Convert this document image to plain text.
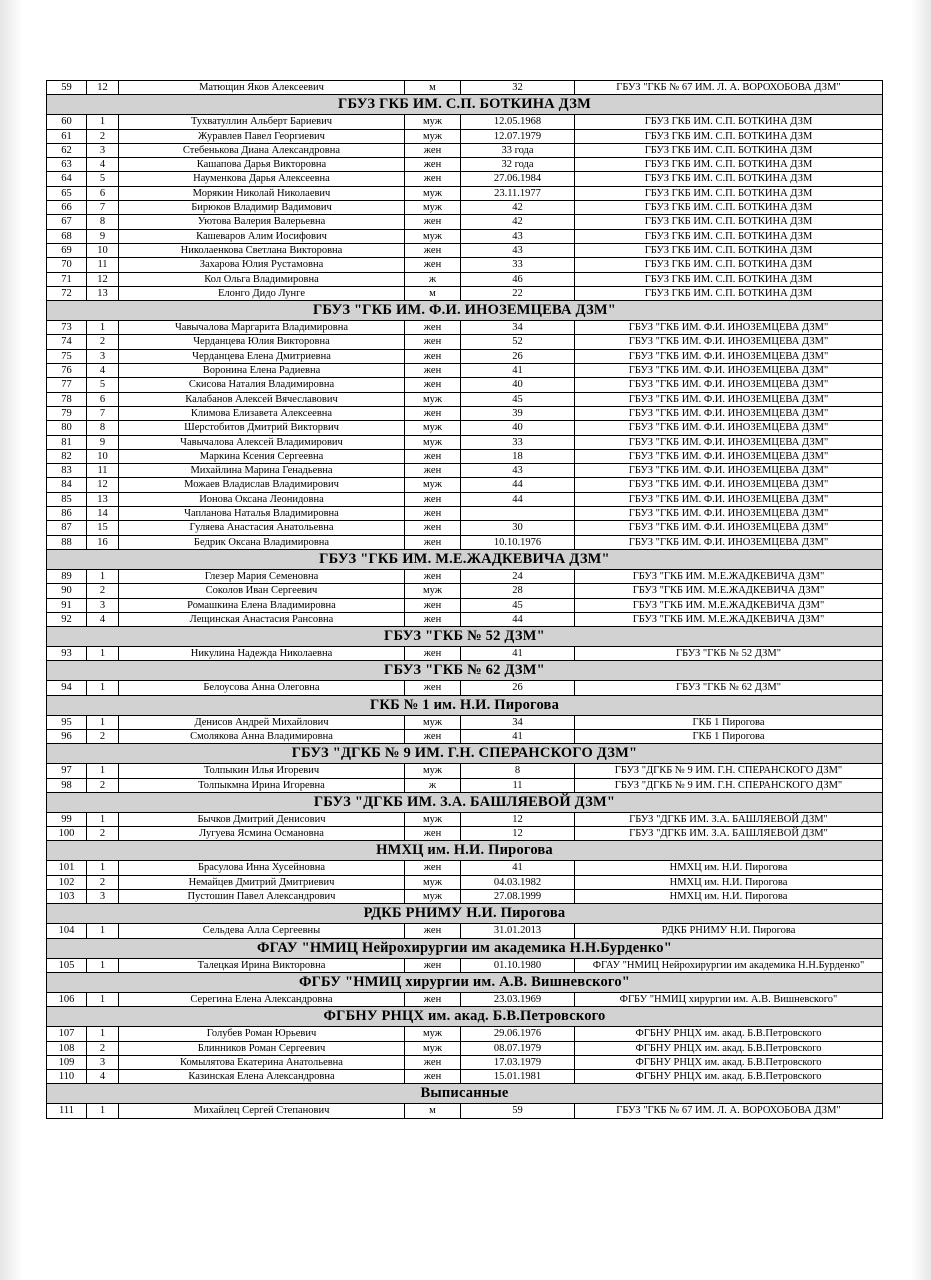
59	12	Матющин Яков Алексеевич	м	32	ГБУЗ "ГКБ № 67 ИМ. Л. А. ВОРОХОБОВА ДЗМ"
ГБУЗ ГКБ ИМ. С.П. БОТКИНА ДЗМ					
60	1	Тухватуллин Альберт Бариевич	муж	12.05.1968	ГБУЗ ГКБ ИМ. С.П. БОТКИНА ДЗМ
61	2	Журавлев Павел Георгиевич	муж	12.07.1979	ГБУЗ ГКБ ИМ. С.П. БОТКИНА ДЗМ
62	3	Стебенькова Диана Александровна	жен	33 года	ГБУЗ ГКБ ИМ. С.П. БОТКИНА ДЗМ
63	4	Кашапова Дарья Викторовна	жен	32 года	ГБУЗ ГКБ ИМ. С.П. БОТКИНА ДЗМ
64	5	Науменкова Дарья Алексеевна	жен	27.06.1984	ГБУЗ ГКБ ИМ. С.П. БОТКИНА ДЗМ
65	6	Морякин Николай Николаевич	муж	23.11.1977	ГБУЗ ГКБ ИМ. С.П. БОТКИНА ДЗМ
66	7	Бирюков Владимир Вадимович	муж	42	ГБУЗ ГКБ ИМ. С.П. БОТКИНА ДЗМ
67	8	Уютова Валерия Валерьевна	жен	42	ГБУЗ ГКБ ИМ. С.П. БОТКИНА ДЗМ
68	9	Кашеваров Алим Иосифович	муж	43	ГБУЗ ГКБ ИМ. С.П. БОТКИНА ДЗМ
69	10	Николаенкова Светлана Викторовна	жен	43	ГБУЗ ГКБ ИМ. С.П. БОТКИНА ДЗМ
70	11	Захарова Юлия Рустамовна	жен	33	ГБУЗ ГКБ ИМ. С.П. БОТКИНА ДЗМ
71	12	Кол Ольга Владимировна	ж	46	ГБУЗ ГКБ ИМ. С.П. БОТКИНА ДЗМ
72	13	Елонго Дидо Лунге	м	22	ГБУЗ ГКБ ИМ. С.П. БОТКИНА ДЗМ
ГБУЗ "ГКБ ИМ. Ф.И. ИНОЗЕМЦЕВА ДЗМ"					
73	1	Чавычалова Маргарита Владимировна	жен	34	ГБУЗ "ГКБ ИМ. Ф.И. ИНОЗЕМЦЕВА ДЗМ"
74	2	Черданцева Юлия Викторовна	жен	52	ГБУЗ "ГКБ ИМ. Ф.И. ИНОЗЕМЦЕВА ДЗМ"
75	3	Черданцева Елена Дмитриевна	жен	26	ГБУЗ "ГКБ ИМ. Ф.И. ИНОЗЕМЦЕВА ДЗМ"
76	4	Воронина Елена Радиевна	жен	41	ГБУЗ "ГКБ ИМ. Ф.И. ИНОЗЕМЦЕВА ДЗМ"
77	5	Скисова Наталия Владимировна	жен	40	ГБУЗ "ГКБ ИМ. Ф.И. ИНОЗЕМЦЕВА ДЗМ"
78	6	Калабанов Алексей Вячеславович	муж	45	ГБУЗ "ГКБ ИМ. Ф.И. ИНОЗЕМЦЕВА ДЗМ"
79	7	Климова Елизавета Алексеевна	жен	39	ГБУЗ "ГКБ ИМ. Ф.И. ИНОЗЕМЦЕВА ДЗМ"
80	8	Шерстобитов Дмитрий Викторвич	муж	40	ГБУЗ "ГКБ ИМ. Ф.И. ИНОЗЕМЦЕВА ДЗМ"
81	9	Чавычалова Алексей Владимирович	муж	33	ГБУЗ "ГКБ ИМ. Ф.И. ИНОЗЕМЦЕВА ДЗМ"
82	10	Маркина Ксения Сергеевна	жен	18	ГБУЗ "ГКБ ИМ. Ф.И. ИНОЗЕМЦЕВА ДЗМ"
83	11	Михайлина Марина Генадьевна	жен	43	ГБУЗ "ГКБ ИМ. Ф.И. ИНОЗЕМЦЕВА ДЗМ"
84	12	Можаев Владислав Владимирович	муж	44	ГБУЗ "ГКБ ИМ. Ф.И. ИНОЗЕМЦЕВА ДЗМ"
85	13	Ионова Оксана Леонидовна	жен	44	ГБУЗ "ГКБ ИМ. Ф.И. ИНОЗЕМЦЕВА ДЗМ"
86	14	Чапланова Наталья Владимировна	жен		ГБУЗ "ГКБ ИМ. Ф.И. ИНОЗЕМЦЕВА ДЗМ"
87	15	Гуляева Анастасия Анатольевна	жен	30	ГБУЗ "ГКБ ИМ. Ф.И. ИНОЗЕМЦЕВА ДЗМ"
88	16	Бедрик Оксана Владимировна	жен	10.10.1976	ГБУЗ "ГКБ ИМ. Ф.И. ИНОЗЕМЦЕВА ДЗМ"
ГБУЗ "ГКБ ИМ. М.Е.ЖАДКЕВИЧА ДЗМ"					
89	1	Глезер Мария Семеновна	жен	24	ГБУЗ "ГКБ ИМ. М.Е.ЖАДКЕВИЧА ДЗМ"
90	2	Соколов Иван Сергеевич	муж	28	ГБУЗ "ГКБ ИМ. М.Е.ЖАДКЕВИЧА ДЗМ"
91	3	Ромашкина Елена Владимировна	жен	45	ГБУЗ "ГКБ ИМ. М.Е.ЖАДКЕВИЧА ДЗМ"
92	4	Лещинская Анастасия Рансовна	жен	44	ГБУЗ "ГКБ ИМ. М.Е.ЖАДКЕВИЧА ДЗМ"
ГБУЗ "ГКБ № 52 ДЗМ"					
93	1	Никулина Надежда Николаевна	жен	41	ГБУЗ "ГКБ № 52 ДЗМ"
ГБУЗ "ГКБ № 62 ДЗМ"					
94	1	Белоусова Анна Олеговна	жен	26	ГБУЗ "ГКБ № 62 ДЗМ"
ГКБ № 1 им. Н.И. Пирогова					
95	1	Денисов Андрей Михайлович	муж	34	ГКБ 1 Пирогова
96	2	Смолякова Анна Владимировна	жен	41	ГКБ 1 Пирогова
ГБУЗ "ДГКБ № 9 ИМ. Г.Н. СПЕРАНСКОГО ДЗМ"					
97	1	Толпыкин Илья Игоревич	муж	8	ГБУЗ "ДГКБ № 9 ИМ. Г.Н. СПЕРАНСКОГО ДЗМ"
98	2	Толпыкмна Ирина Игоревна	ж	11	ГБУЗ "ДГКБ № 9 ИМ. Г.Н. СПЕРАНСКОГО ДЗМ"
ГБУЗ "ДГКБ ИМ. З.А. БАШЛЯЕВОЙ ДЗМ"					
99	1	Бычков Дмитрий Денисович	муж	12	ГБУЗ "ДГКБ ИМ. З.А. БАШЛЯЕВОЙ ДЗМ"
100	2	Лугуева Ясмина Османовна	жен	12	ГБУЗ "ДГКБ ИМ. З.А. БАШЛЯЕВОЙ ДЗМ"
НМХЦ им. Н.И. Пирогова					
101	1	Брасулова Инна Хусейновна	жен	41	НМХЦ им. Н.И. Пирогова
102	2	Немайцев Дмитрий Дмитриевич	муж	04.03.1982	НМХЦ им. Н.И. Пирогова
103	3	Пустошин Павел Александрович	муж	27.08.1999	НМХЦ им. Н.И. Пирогова
РДКБ РНИМУ Н.И. Пирогова					
104	1	Сельдева Алла Сергеевны	жен	31.01.2013	РДКБ РНИМУ Н.И. Пирогова
ФГАУ "НМИЦ Нейрохирургии им академика Н.Н.Бурденко"					
105	1	Талецкая Ирина Викторовна	жен	01.10.1980	ФГАУ "НМИЦ Нейрохирургии им академика Н.Н.Бурденко"
ФГБУ "НМИЦ хирургии им. А.В. Вишневского"					
106	1	Серегина Елена Александровна	жен	23.03.1969	ФГБУ "НМИЦ хирургии им. А.В. Вишневского"
ФГБНУ РНЦХ им. акад. Б.В.Петровского					
107	1	Голубев Роман Юрьевич	муж	29.06.1976	ФГБНУ РНЦХ им. акад. Б.В.Петровского
108	2	Блинников Роман Сергеевич	муж	08.07.1979	ФГБНУ РНЦХ им. акад. Б.В.Петровского
109	3	Комылятова Екатерина Анатольевна	жен	17.03.1979	ФГБНУ РНЦХ им. акад. Б.В.Петровского
110	4	Казинская Елена Александровна	жен	15.01.1981	ФГБНУ РНЦХ им. акад. Б.В.Петровского
Выписанные					
111	1	Михайлец Сергей Степанович	м	59	ГБУЗ "ГКБ № 67 ИМ. Л. А. ВОРОХОБОВА ДЗМ"
